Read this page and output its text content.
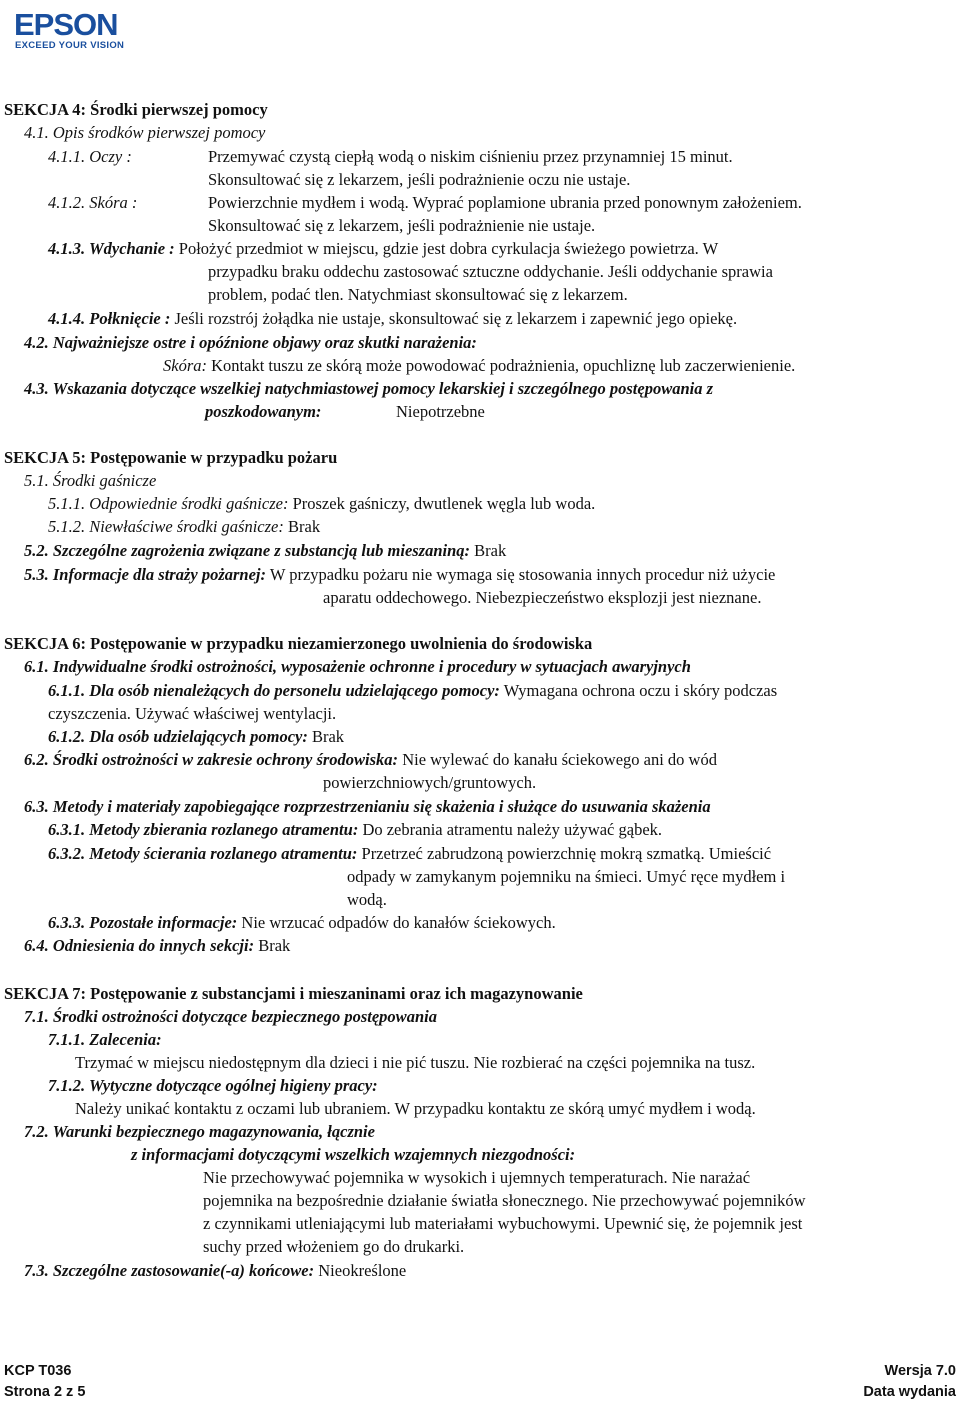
EPSON
EXCEED YOUR VISION
SEKCJA 4: Środki pierwszej pomocy
4.1. Opis środków pierwszej pomocy
4.1.1. Oczy :	Przemywać czystą ciepłą wodą o niskim ciśnieniu przez przynamniej 15 minut.
Skonsultować się z lekarzem, jeśli podrażnienie oczu nie ustaje.
4.1.2. Skóra :	Powierzchnie mydłem i wodą. Wyprać poplamione ubrania przed ponownym założeniem.
Skonsultować się z lekarzem, jeśli podrażnienie nie ustaje.
4.1.3. Wdychanie : Położyć przedmiot w miejscu, gdzie jest dobra cyrkulacja świeżego powietrza. W
przypadku braku oddechu zastosować sztuczne oddychanie. Jeśli oddychanie sprawia
problem, podać tlen. Natychmiast skonsultować się z lekarzem.
4.1.4. Połknięcie : Jeśli rozstrój żołądka nie ustaje, skonsultować się z lekarzem i zapewnić jego opiekę.
4.2. Najważniejsze ostre i opóźnione objawy oraz skutki narażenia:
Skóra: Kontakt tuszu ze skórą może powodować podrażnienia, opuchliznę lub zaczerwienienie.
4.3. Wskazania dotyczące wszelkiej natychmiastowej pomocy lekarskiej i szczególnego postępowania z
poszkodowanym:	Niepotrzebne
SEKCJA 5: Postępowanie w przypadku pożaru
5.1. Środki gaśnicze
5.1.1. Odpowiednie środki gaśnicze: Proszek gaśniczy, dwutlenek węgla lub woda.
5.1.2. Niewłaściwe środki gaśnicze: Brak
5.2. Szczególne zagrożenia związane z substancją lub mieszaniną: Brak
5.3. Informacje dla straży pożarnej: W przypadku pożaru nie wymaga się stosowania innych procedur niż użycie
aparatu oddechowego. Niebezpieczeństwo eksplozji jest nieznane.
SEKCJA 6: Postępowanie w przypadku niezamierzonego uwolnienia do środowiska
6.1. Indywidualne środki ostrożności, wyposażenie ochronne i procedury w sytuacjach awaryjnych
6.1.1. Dla osób nienależących do personelu udzielającego pomocy: Wymagana ochrona oczu i skóry podczas
czyszczenia. Używać właściwej wentylacji.
6.1.2. Dla osób udzielających pomocy: Brak
6.2. Środki ostrożności w zakresie ochrony środowiska: Nie wylewać do kanału ściekowego ani do wód
powierzchniowych/gruntowych.
6.3. Metody i materiały zapobiegające rozprzestrzenianiu się skażenia i służące do usuwania skażenia
6.3.1. Metody zbierania rozlanego atramentu: Do zebrania atramentu należy używać gąbek.
6.3.2. Metody ścierania rozlanego atramentu: Przetrzeć zabrudzoną powierzchnię mokrą szmatką. Umieścić
odpady w zamykanym pojemniku na śmieci. Umyć ręce mydłem i
wodą.
6.3.3. Pozostałe informacje: Nie wrzucać odpadów do kanałów ściekowych.
6.4. Odniesienia do innych sekcji: Brak
SEKCJA 7: Postępowanie z substancjami i mieszaninami oraz ich magazynowanie
7.1. Środki ostrożności dotyczące bezpiecznego postępowania
7.1.1. Zalecenia:
Trzymać w miejscu niedostępnym dla dzieci i nie pić tuszu. Nie rozbierać na części pojemnika na tusz.
7.1.2. Wytyczne dotyczące ogólnej higieny pracy:
Należy unikać kontaktu z oczami lub ubraniem. W przypadku kontaktu ze skórą umyć mydłem i wodą.
7.2. Warunki bezpiecznego magazynowania, łącznie
z informacjami dotyczącymi wszelkich wzajemnych niezgodności:
Nie przechowywać pojemnika w wysokich i ujemnych temperaturach. Nie narażać
pojemnika na bezpośrednie działanie światła słonecznego. Nie przechowywać pojemników
z czynnikami utleniającymi lub materiałami wybuchowymi. Upewnić się, że pojemnik jest
suchy przed włożeniem go do drukarki.
7.3. Szczególne zastosowanie(-a) końcowe: Nieokreślone
KCP T036
Strona 2 z 5
Wersja 7.0
Data wydania
